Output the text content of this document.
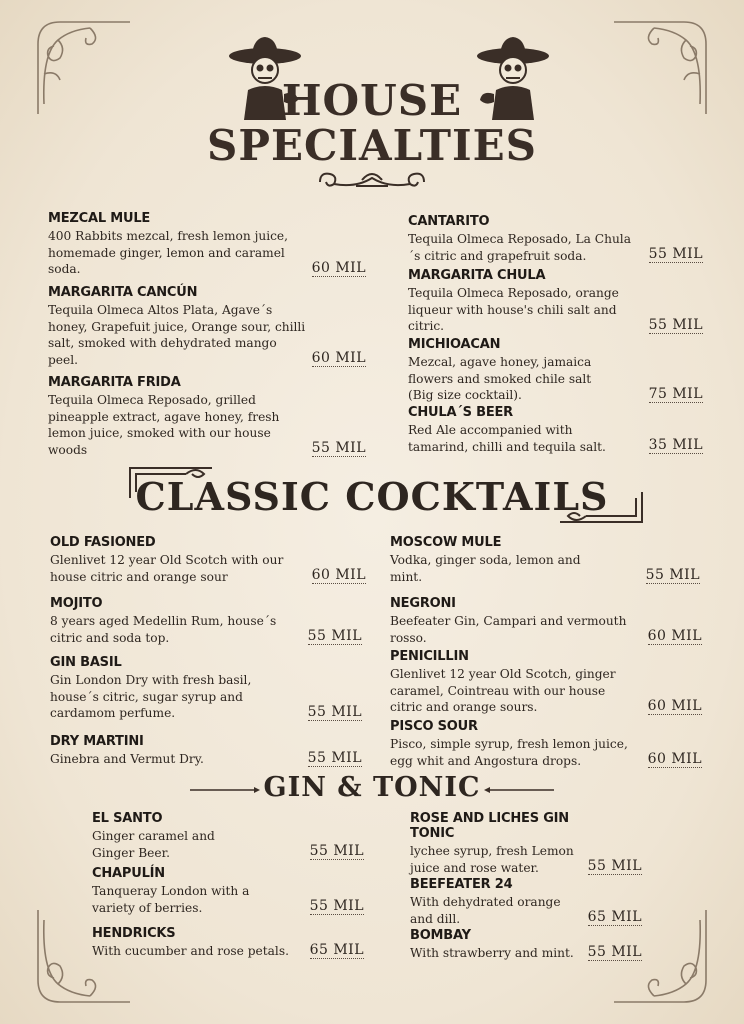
HOUSE
SPECIALTIES
MEZCAL MULE
400 Rabbits mezcal, fresh lemon juice, homemade ginger, lemon and caramel soda.	60 MIL
MARGARITA CANCÚN
Tequila Olmeca Altos Plata, Agave´s honey, Grapefuit juice, Orange sour, chilli salt, smoked with dehydrated mango peel.	60 MIL
MARGARITA FRIDA
Tequila Olmeca Reposado, grilled pineapple extract, agave honey, fresh lemon juice, smoked with our house woods	55 MIL
CANTARITO
Tequila Olmeca Reposado, La Chula´s citric and grapefruit soda.	55 MIL
MARGARITA CHULA
Tequila Olmeca Reposado, orange liqueur with house's chili salt and citric.	55 MIL
MICHIOACAN
Mezcal, agave honey, jamaica flowers and smoked chile salt (Big size cocktail).	75 MIL
CHULA´S BEER
Red Ale accompanied with tamarind, chilli and tequila salt.	35 MIL
CLASSIC COCKTAILS
OLD FASIONED
Glenlivet 12 year Old Scotch with our house citric and orange sour	60 MIL
MOJITO
8 years aged Medellin Rum, house´s citric and soda top.	55 MIL
GIN BASIL
Gin London Dry with fresh basil, house´s citric, sugar syrup and cardamom perfume.	55 MIL
DRY MARTINI
Ginebra and Vermut Dry.	55 MIL
MOSCOW MULE
Vodka, ginger soda, lemon and mint.	55 MIL
NEGRONI
Beefeater Gin, Campari and vermouth rosso.	60 MIL
PENICILLIN
Glenlivet 12 year Old Scotch, ginger caramel, Cointreau with our house citric and orange sours.	60 MIL
PISCO SOUR
Pisco, simple syrup, fresh lemon juice, egg whit and Angostura drops.	60 MIL
GIN & TONIC
EL SANTO
Ginger caramel and Ginger Beer.	55 MIL
CHAPULÍN
Tanqueray London with a variety of berries.	55 MIL
HENDRICKS
With cucumber and rose petals.	65 MIL
ROSE AND LICHES GIN TONIC
lychee syrup, fresh Lemon juice and rose water.	55 MIL
BEEFEATER 24
With dehydrated orange and dill.	65 MIL
BOMBAY
With strawberry and mint. 55 MIL
